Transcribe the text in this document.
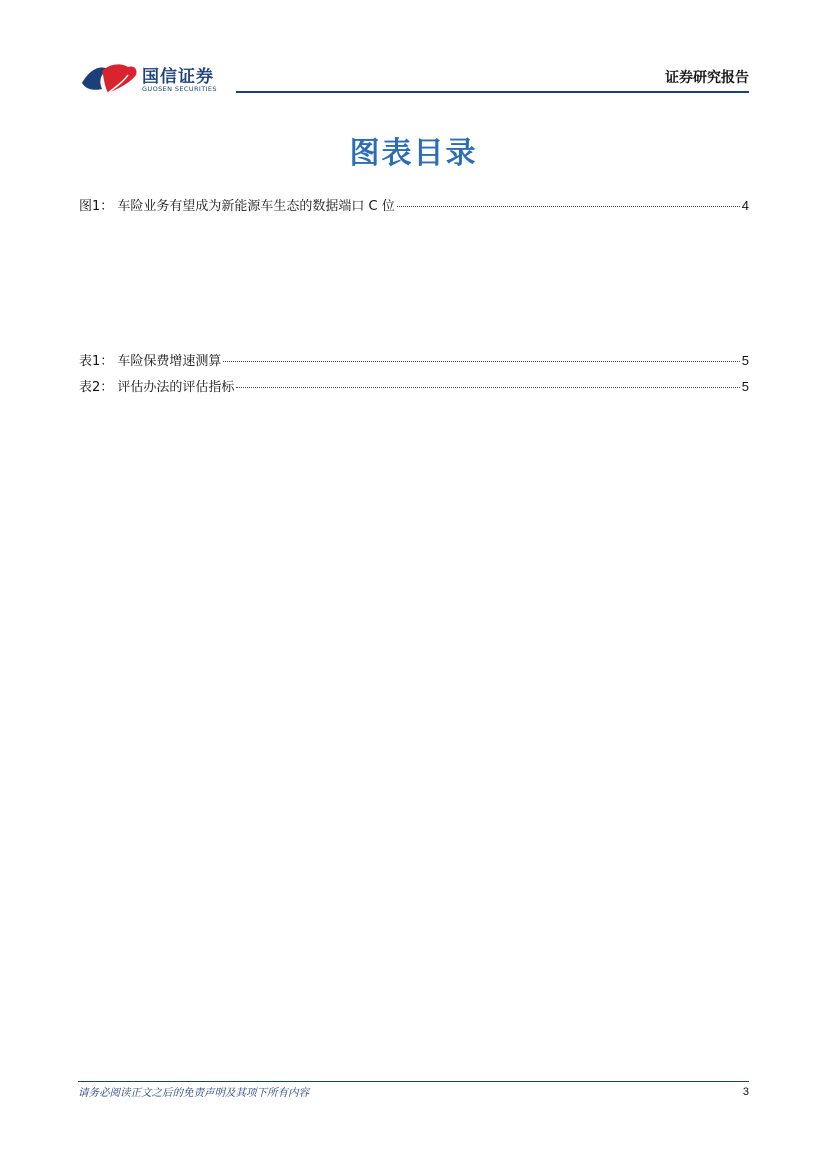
国信证券
GUOSEN SECURITIES
证券研究报告
图表目录
图1： 车险业务有望成为新能源车生态的数据端口 C 位	4
表1： 车险保费增速测算	5
表2： 评估办法的评估指标	5
请务必阅读正文之后的免责声明及其项下所有内容	3
